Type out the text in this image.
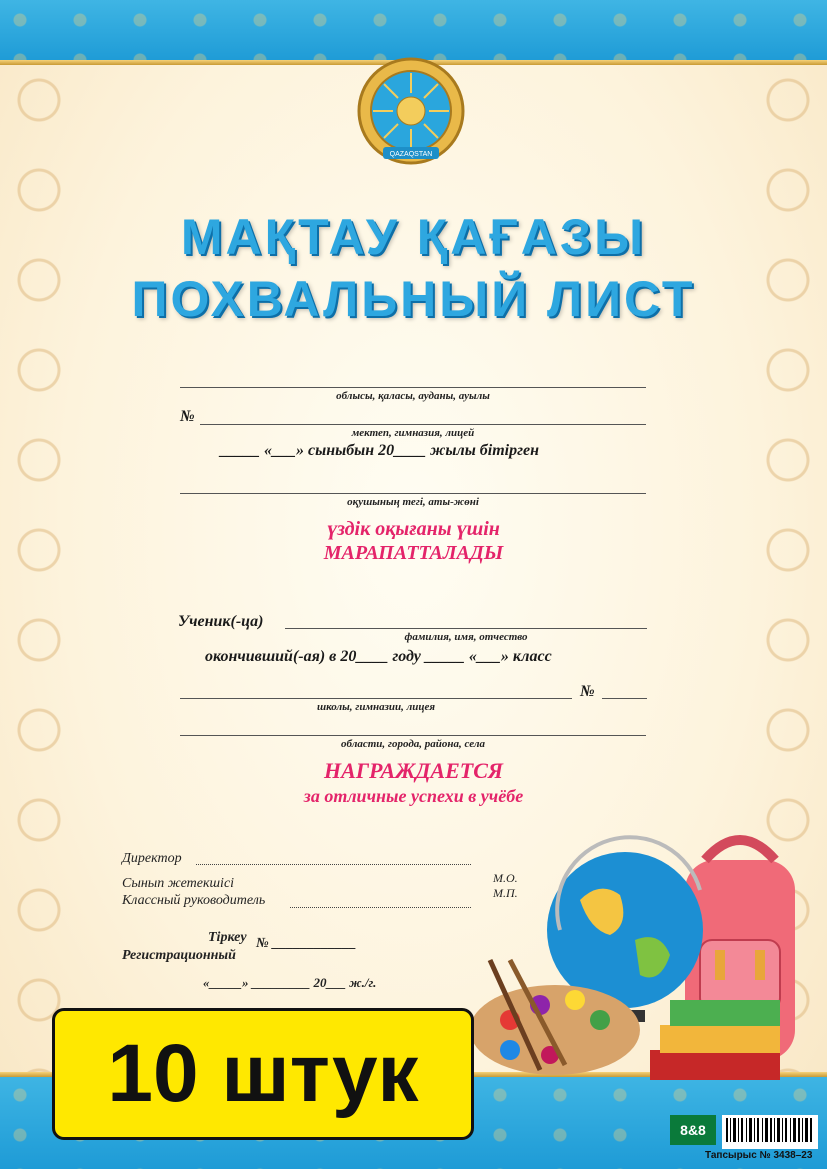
QAZAQSTAN
МАҚТАУ ҚАҒАЗЫ
ПОХВАЛЬНЫЙ ЛИСТ
облысы, қаласы, ауданы, ауылы
№
мектеп, гимназия, лицей
_____ «___» сыныбын 20____ жылы бітірген
оқушының тегі, аты-жөні
үздік оқығаны үшін
МАРАПАТТАЛАДЫ
Ученик(-ца)
фамилия, имя, отчество
окончивший(-ая) в 20____ году _____ «___» класс
№
школы, гимназии, лицея
области, города, района, села
НАГРАЖДАЕТСЯ
за отличные успехи в учёбе
Директор
Сынып жетекшісі
Классный руководитель
М.О.
М.П.
Тіркеу
Регистрационный
№ ____________
«_____» _________ 20___ ж./г.
8&8
Тапсырыс № 3438–23
10 штук
